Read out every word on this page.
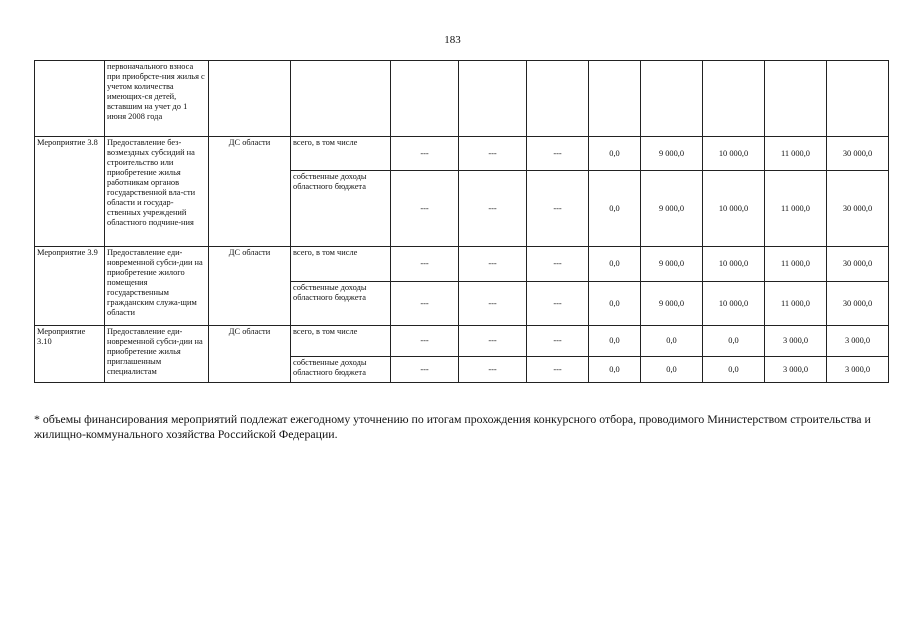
183
	первоначального взноса при приобрсте-ния жилья с учетом количества имеющих-ся детей, вставшим на учет до 1 июня 2008 года										
Мероприятие 3.8	Предоставление без-возмездных субсидий на строительство или приобретение жилья работникам органов государственной вла-сти области и государ-ственных учреждений областного подчине-ния	ДС области	всего, в том числе	---	---	---	0,0	9 000,0	10 000,0	11 000,0	30 000,0
			собственные доходы областного бюджета	---	---	---	0,0	9 000,0	10 000,0	11 000,0	30 000,0
Мероприятие 3.9	Предоставление еди-новременной субси-дии на приобретение жилого помещения государственным гражданским служа-щим области	ДС области	всего, в том числе	---	---	---	0,0	9 000,0	10 000,0	11 000,0	30 000,0
			собственные доходы областного бюджета	---	---	---	0,0	9 000,0	10 000,0	11 000,0	30 000,0
Мероприятие 3.10	Предоставление еди-новременной субси-дии на приобретение жилья приглашенным специалистам	ДС области	всего, в том числе	---	---	---	0,0	0,0	0,0	3 000,0	3 000,0
			собственные доходы областного бюджета	---	---	---	0,0	0,0	0,0	3 000,0	3 000,0
* объемы финансирования мероприятий подлежат ежегодному уточнению по итогам прохождения конкурсного отбора, проводимого Министерством строительства и жилищно-коммунального хозяйства Российской Федерации.
